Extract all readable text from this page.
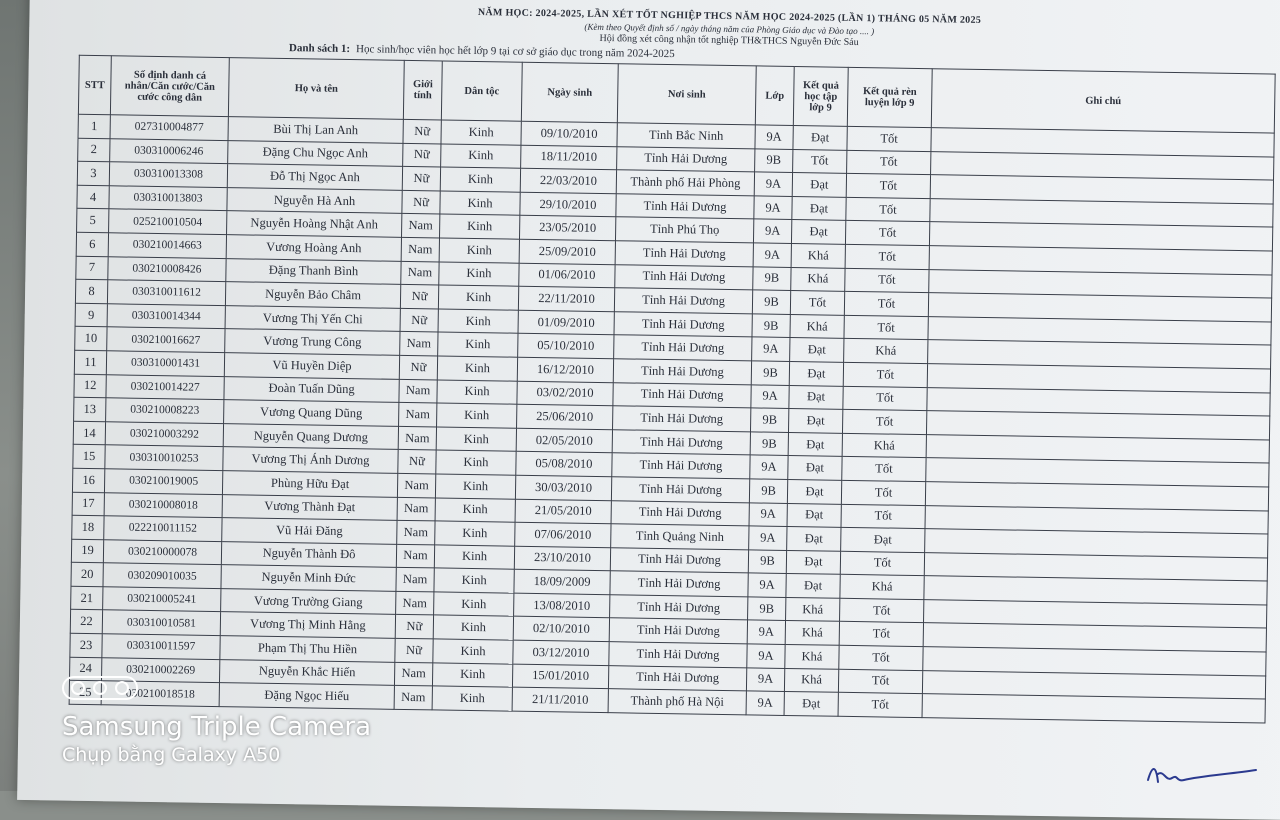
NĂM HỌC: 2024-2025, LẦN XÉT TỐT NGHIỆP THCS NĂM HỌC 2024-2025 (LẦN 1) THÁNG 05 NĂM 2025
(Kèm theo Quyết định số / ngày tháng năm của Phòng Giáo dục và Đào tạo .... )
Hội đồng xét công nhận tốt nghiệp TH&THCS Nguyễn Đức Sáu
Danh sách 1: Học sinh/học viên học hết lớp 9 tại cơ sở giáo dục trong năm 2024-2025
STT	Số định danh cá nhân/Căn cước/Căn cước công dân	Họ và tên	Giới tính	Dân tộc	Ngày sinh	Nơi sinh	Lớp	Kết quả học tập lớp 9	Kết quả rèn luyện lớp 9	Ghi chú
1	027310004877	Bùi Thị Lan Anh	Nữ	Kinh	09/10/2010	Tỉnh Bắc Ninh	9A	Đạt	Tốt	
2	030310006246	Đặng Chu Ngọc Anh	Nữ	Kinh	18/11/2010	Tỉnh Hải Dương	9B	Tốt	Tốt	
3	030310013308	Đỗ Thị Ngọc Anh	Nữ	Kinh	22/03/2010	Thành phố Hải Phòng	9A	Đạt	Tốt	
4	030310013803	Nguyễn Hà Anh	Nữ	Kinh	29/10/2010	Tỉnh Hải Dương	9A	Đạt	Tốt	
5	025210010504	Nguyễn Hoàng Nhật Anh	Nam	Kinh	23/05/2010	Tỉnh Phú Thọ	9A	Đạt	Tốt	
6	030210014663	Vương Hoàng Anh	Nam	Kinh	25/09/2010	Tỉnh Hải Dương	9A	Khá	Tốt	
7	030210008426	Đặng Thanh Bình	Nam	Kinh	01/06/2010	Tỉnh Hải Dương	9B	Khá	Tốt	
8	030310011612	Nguyễn Bảo Châm	Nữ	Kinh	22/11/2010	Tỉnh Hải Dương	9B	Tốt	Tốt	
9	030310014344	Vương Thị Yến Chi	Nữ	Kinh	01/09/2010	Tỉnh Hải Dương	9B	Khá	Tốt	
10	030210016627	Vương Trung Công	Nam	Kinh	05/10/2010	Tỉnh Hải Dương	9A	Đạt	Khá	
11	030310001431	Vũ Huyền Diệp	Nữ	Kinh	16/12/2010	Tỉnh Hải Dương	9B	Đạt	Tốt	
12	030210014227	Đoàn Tuấn Dũng	Nam	Kinh	03/02/2010	Tỉnh Hải Dương	9A	Đạt	Tốt	
13	030210008223	Vương Quang Dũng	Nam	Kinh	25/06/2010	Tỉnh Hải Dương	9B	Đạt	Tốt	
14	030210003292	Nguyễn Quang Dương	Nam	Kinh	02/05/2010	Tỉnh Hải Dương	9B	Đạt	Khá	
15	030310010253	Vương Thị Ánh Dương	Nữ	Kinh	05/08/2010	Tỉnh Hải Dương	9A	Đạt	Tốt	
16	030210019005	Phùng Hữu Đạt	Nam	Kinh	30/03/2010	Tỉnh Hải Dương	9B	Đạt	Tốt	
17	030210008018	Vương Thành Đạt	Nam	Kinh	21/05/2010	Tỉnh Hải Dương	9A	Đạt	Tốt	
18	022210011152	Vũ Hải Đăng	Nam	Kinh	07/06/2010	Tỉnh Quảng Ninh	9A	Đạt	Đạt	
19	030210000078	Nguyễn Thành Đô	Nam	Kinh	23/10/2010	Tỉnh Hải Dương	9B	Đạt	Tốt	
20	030209010035	Nguyễn Minh Đức	Nam	Kinh	18/09/2009	Tỉnh Hải Dương	9A	Đạt	Khá	
21	030210005241	Vương Trường Giang	Nam	Kinh	13/08/2010	Tỉnh Hải Dương	9B	Khá	Tốt	
22	030310010581	Vương Thị Minh Hằng	Nữ	Kinh	02/10/2010	Tỉnh Hải Dương	9A	Khá	Tốt	
23	030310011597	Phạm Thị Thu Hiền	Nữ	Kinh	03/12/2010	Tỉnh Hải Dương	9A	Khá	Tốt	
24	030210002269	Nguyễn Khắc Hiến	Nam	Kinh	15/01/2010	Tỉnh Hải Dương	9A	Khá	Tốt	
25	030210018518	Đặng Ngọc Hiếu	Nam	Kinh	21/11/2010	Thành phố Hà Nội	9A	Đạt	Tốt	
Samsung Triple Camera
Chụp bằng Galaxy A50
